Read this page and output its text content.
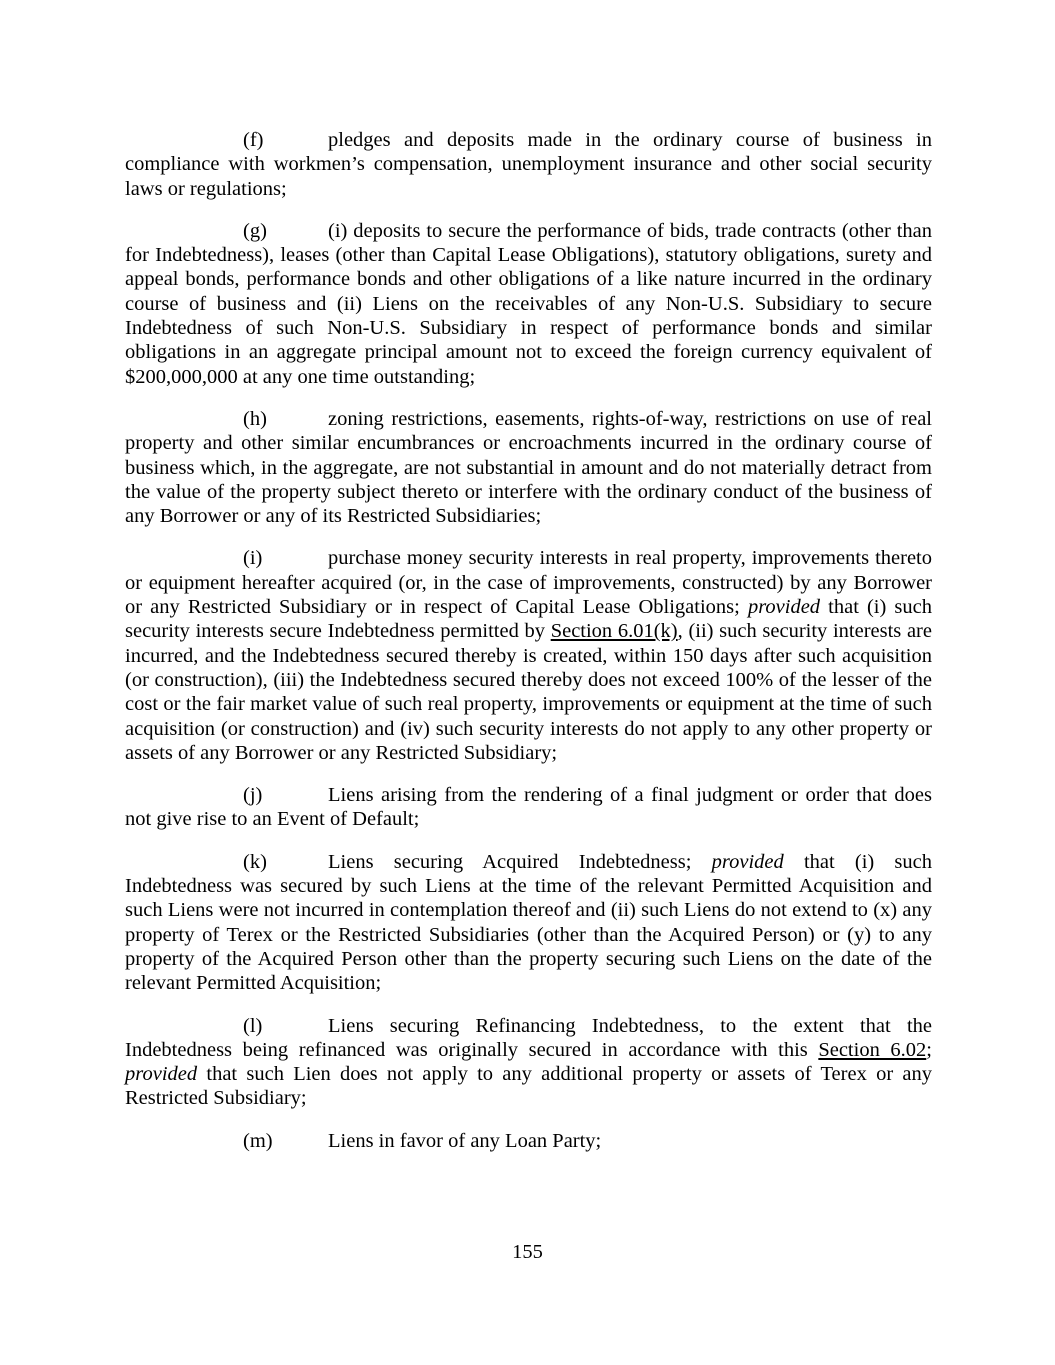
(f)	pledges and deposits made in the ordinary course of business in compliance with workmen’s compensation, unemployment insurance and other social security laws or regulations;

(g)	(i) deposits to secure the performance of bids, trade contracts (other than for Indebtedness), leases (other than Capital Lease Obligations), statutory obligations, surety and appeal bonds, performance bonds and other obligations of a like nature incurred in the ordinary course of business and (ii) Liens on the receivables of any Non-U.S. Subsidiary to secure Indebtedness of such Non-U.S. Subsidiary in respect of performance bonds and similar obligations in an aggregate principal amount not to exceed the foreign currency equivalent of $200,000,000 at any one time outstanding;

(h)	zoning restrictions, easements, rights-of-way, restrictions on use of real property and other similar encumbrances or encroachments incurred in the ordinary course of business which, in the aggregate, are not substantial in amount and do not materially detract from the value of the property subject thereto or interfere with the ordinary conduct of the business of any Borrower or any of its Restricted Subsidiaries;

(i)	purchase money security interests in real property, improvements thereto or equipment hereafter acquired (or, in the case of improvements, constructed) by any Borrower or any Restricted Subsidiary or in respect of Capital Lease Obligations; provided that (i) such security interests secure Indebtedness permitted by Section 6.01(k), (ii) such security interests are incurred, and the Indebtedness secured thereby is created, within 150 days after such acquisition (or construction), (iii) the Indebtedness secured thereby does not exceed 100% of the lesser of the cost or the fair market value of such real property, improvements or equipment at the time of such acquisition (or construction) and (iv) such security interests do not apply to any other property or assets of any Borrower or any Restricted Subsidiary;

(j)	Liens arising from the rendering of a final judgment or order that does not give rise to an Event of Default;

(k)	Liens securing Acquired Indebtedness; provided that (i) such Indebtedness was secured by such Liens at the time of the relevant Permitted Acquisition and such Liens were not incurred in contemplation thereof and (ii) such Liens do not extend to (x) any property of Terex or the Restricted Subsidiaries (other than the Acquired Person) or (y) to any property of the Acquired Person other than the property securing such Liens on the date of the relevant Permitted Acquisition;

(l)	Liens securing Refinancing Indebtedness, to the extent that the Indebtedness being refinanced was originally secured in accordance with this Section 6.02; provided that such Lien does not apply to any additional property or assets of Terex or any Restricted Subsidiary;

(m)	Liens in favor of any Loan Party;

155
